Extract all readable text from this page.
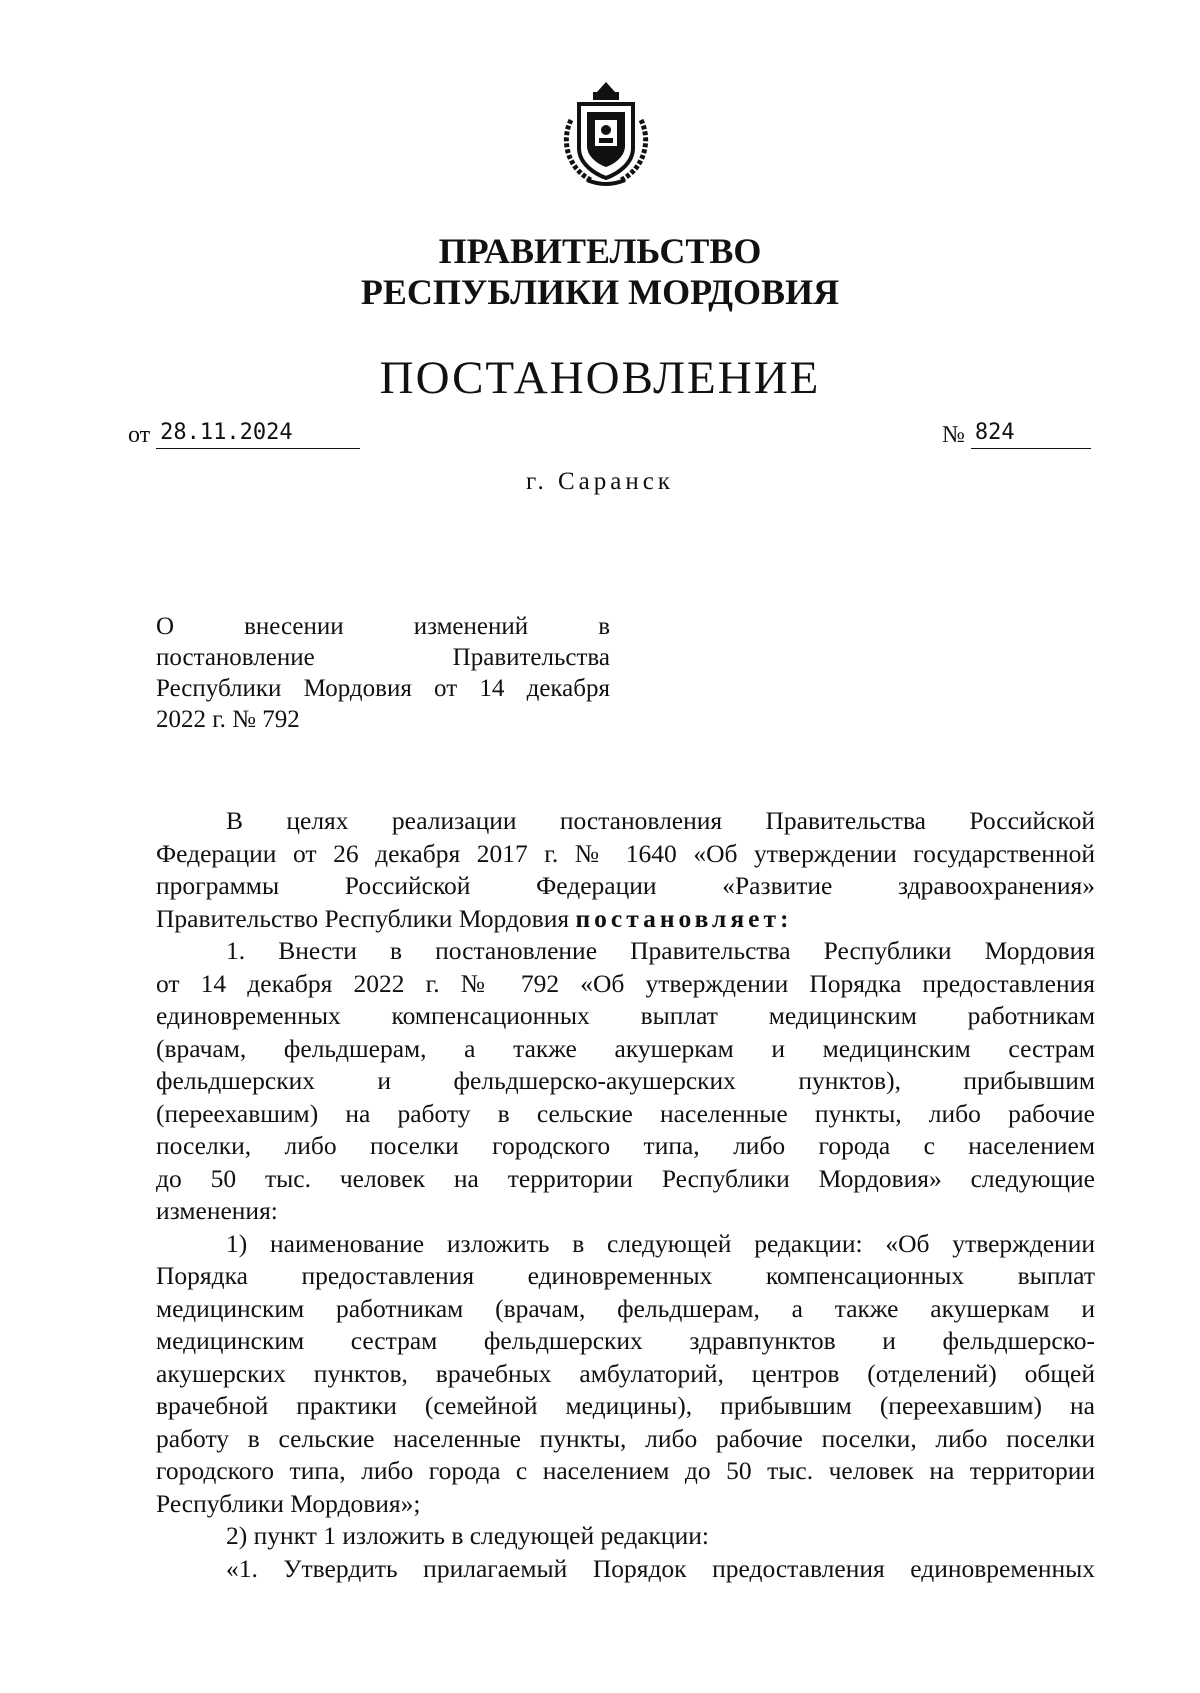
ПРАВИТЕЛЬСТВО
РЕСПУБЛИКИ МОРДОВИЯ
ПОСТАНОВЛЕНИЕ
от 28.11.2024	№ 824
г. Саранск
О внесении изменений в
постановление Правительства
Республики Мордовия от 14 декабря
2022 г. № 792
В целях реализации постановления Правительства Российской
Федерации от 26 декабря 2017 г. № 1640 «Об утверждении государственной
программы Российской Федерации «Развитие здравоохранения»
Правительство Республики Мордовия постановляет:
1. Внести в постановление Правительства Республики Мордовия
от 14 декабря 2022 г. № 792 «Об утверждении Порядка предоставления
единовременных компенсационных выплат медицинским работникам
(врачам, фельдшерам, а также акушеркам и медицинским сестрам
фельдшерских и фельдшерско-акушерских пунктов), прибывшим
(переехавшим) на работу в сельские населенные пункты, либо рабочие
поселки, либо поселки городского типа, либо города с населением
до 50 тыс. человек на территории Республики Мордовия» следующие
изменения:
1) наименование изложить в следующей редакции: «Об утверждении
Порядка предоставления единовременных компенсационных выплат
медицинским работникам (врачам, фельдшерам, а также акушеркам и
медицинским сестрам фельдшерских здравпунктов и фельдшерско-
акушерских пунктов, врачебных амбулаторий, центров (отделений) общей
врачебной практики (семейной медицины), прибывшим (переехавшим) на
работу в сельские населенные пункты, либо рабочие поселки, либо поселки
городского типа, либо города с населением до 50 тыс. человек на территории
Республики Мордовия»;
2) пункт 1 изложить в следующей редакции:
«1. Утвердить прилагаемый Порядок предоставления единовременных
